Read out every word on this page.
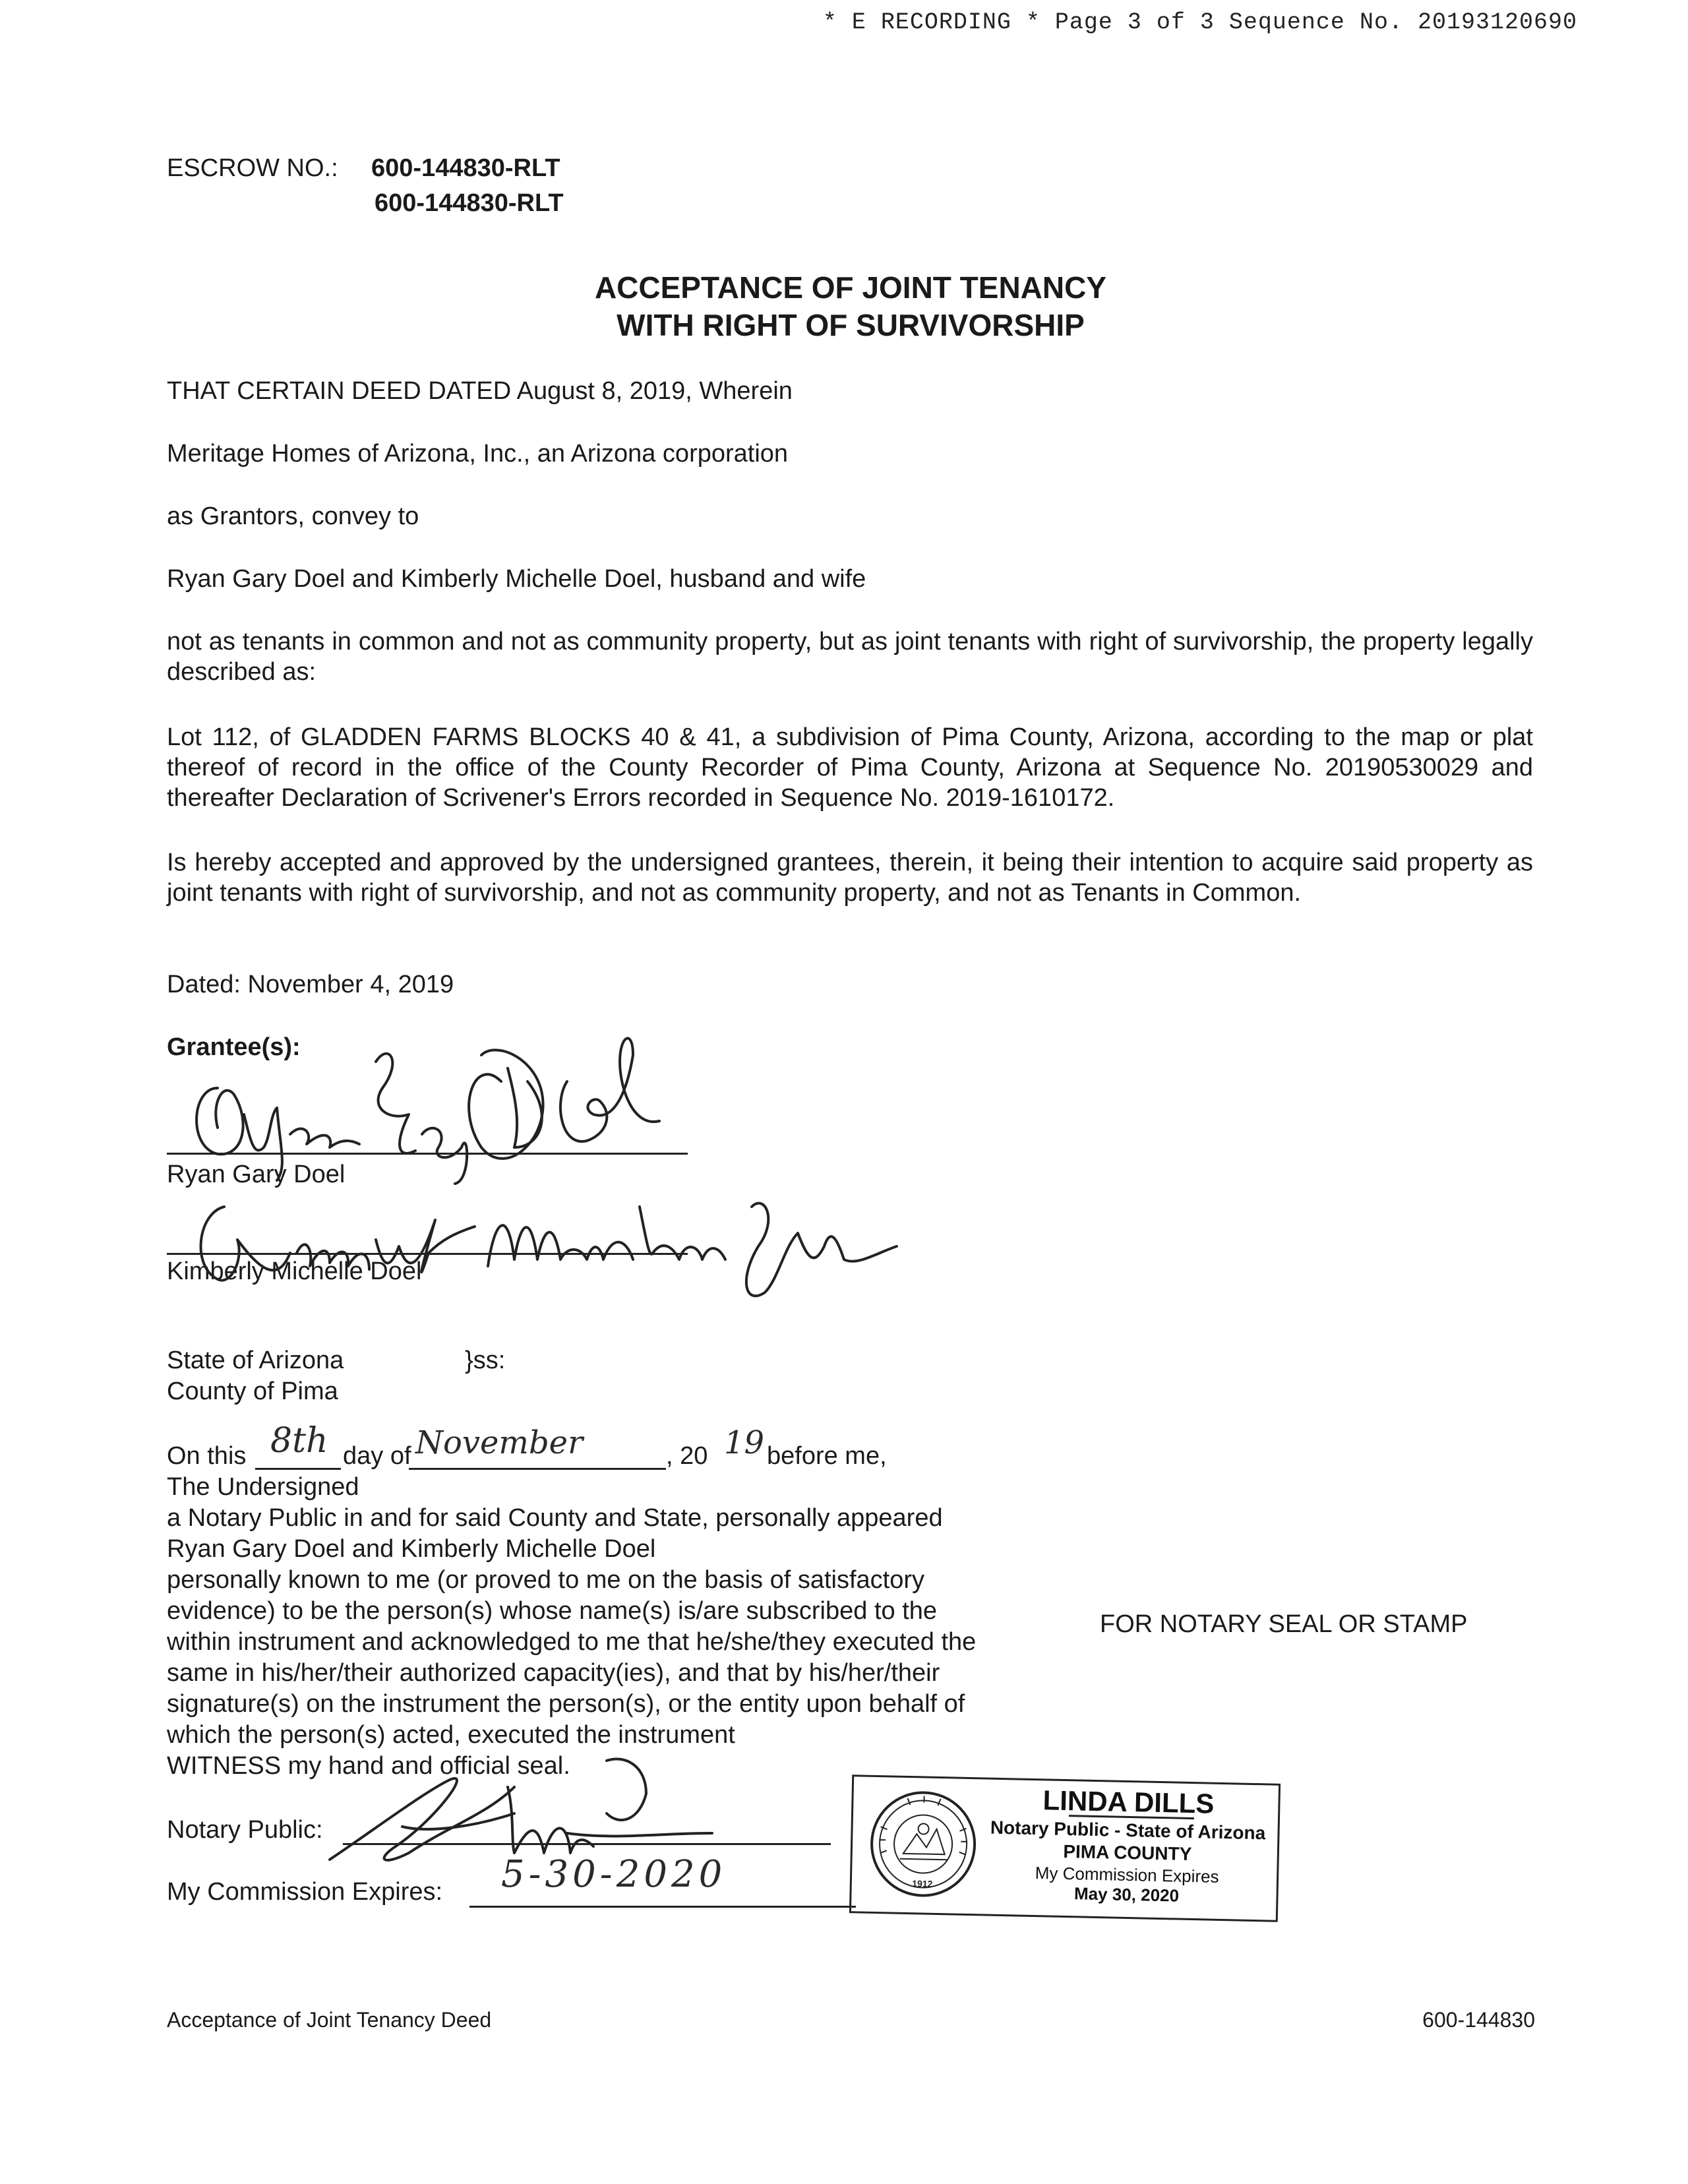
* E RECORDING * Page 3 of 3 Sequence No. 20193120690
ESCROW NO.: 600-144830-RLT
600-144830-RLT
ACCEPTANCE OF JOINT TENANCY
WITH RIGHT OF SURVIVORSHIP
THAT CERTAIN DEED DATED August 8, 2019, Wherein
Meritage Homes of Arizona, Inc., an Arizona corporation
as Grantors, convey to
Ryan Gary Doel and Kimberly Michelle Doel, husband and wife
not as tenants in common and not as community property, but as joint tenants with right of survivorship, the property legally described as:
Lot 112, of GLADDEN FARMS BLOCKS 40 & 41, a subdivision of Pima County, Arizona, according to the map or plat thereof of record in the office of the County Recorder of Pima County, Arizona at Sequence No. 20190530029 and thereafter Declaration of Scrivener's Errors recorded in Sequence No. 2019-1610172.
Is hereby accepted and approved by the undersigned grantees, therein, it being their intention to acquire said property as joint tenants with right of survivorship, and not as community property, and not as Tenants in Common.
Dated: November 4, 2019
Grantee(s):
Ryan Gary Doel
Kimberly Michelle Doel
State of Arizona	}ss:
County of Pima
On this 8th day of November	, 20 19 before me,
The Undersigned
a Notary Public in and for said County and State, personally appeared
Ryan Gary Doel and Kimberly Michelle Doel
personally known to me (or proved to me on the basis of satisfactory
evidence) to be the person(s) whose name(s) is/are subscribed to the
within instrument and acknowledged to me that he/she/they executed the
same in his/her/their authorized capacity(ies), and that by his/her/their
signature(s) on the instrument the person(s), or the entity upon behalf of
which the person(s) acted, executed the instrument
WITNESS my hand and official seal.
FOR NOTARY SEAL OR STAMP
Notary Public:
My Commission Expires: 5-30-2020	1912
LINDA DILLS
Notary Public - State of Arizona
PIMA COUNTY
My Commission Expires
May 30, 2020
Acceptance of Joint Tenancy Deed	600-144830
